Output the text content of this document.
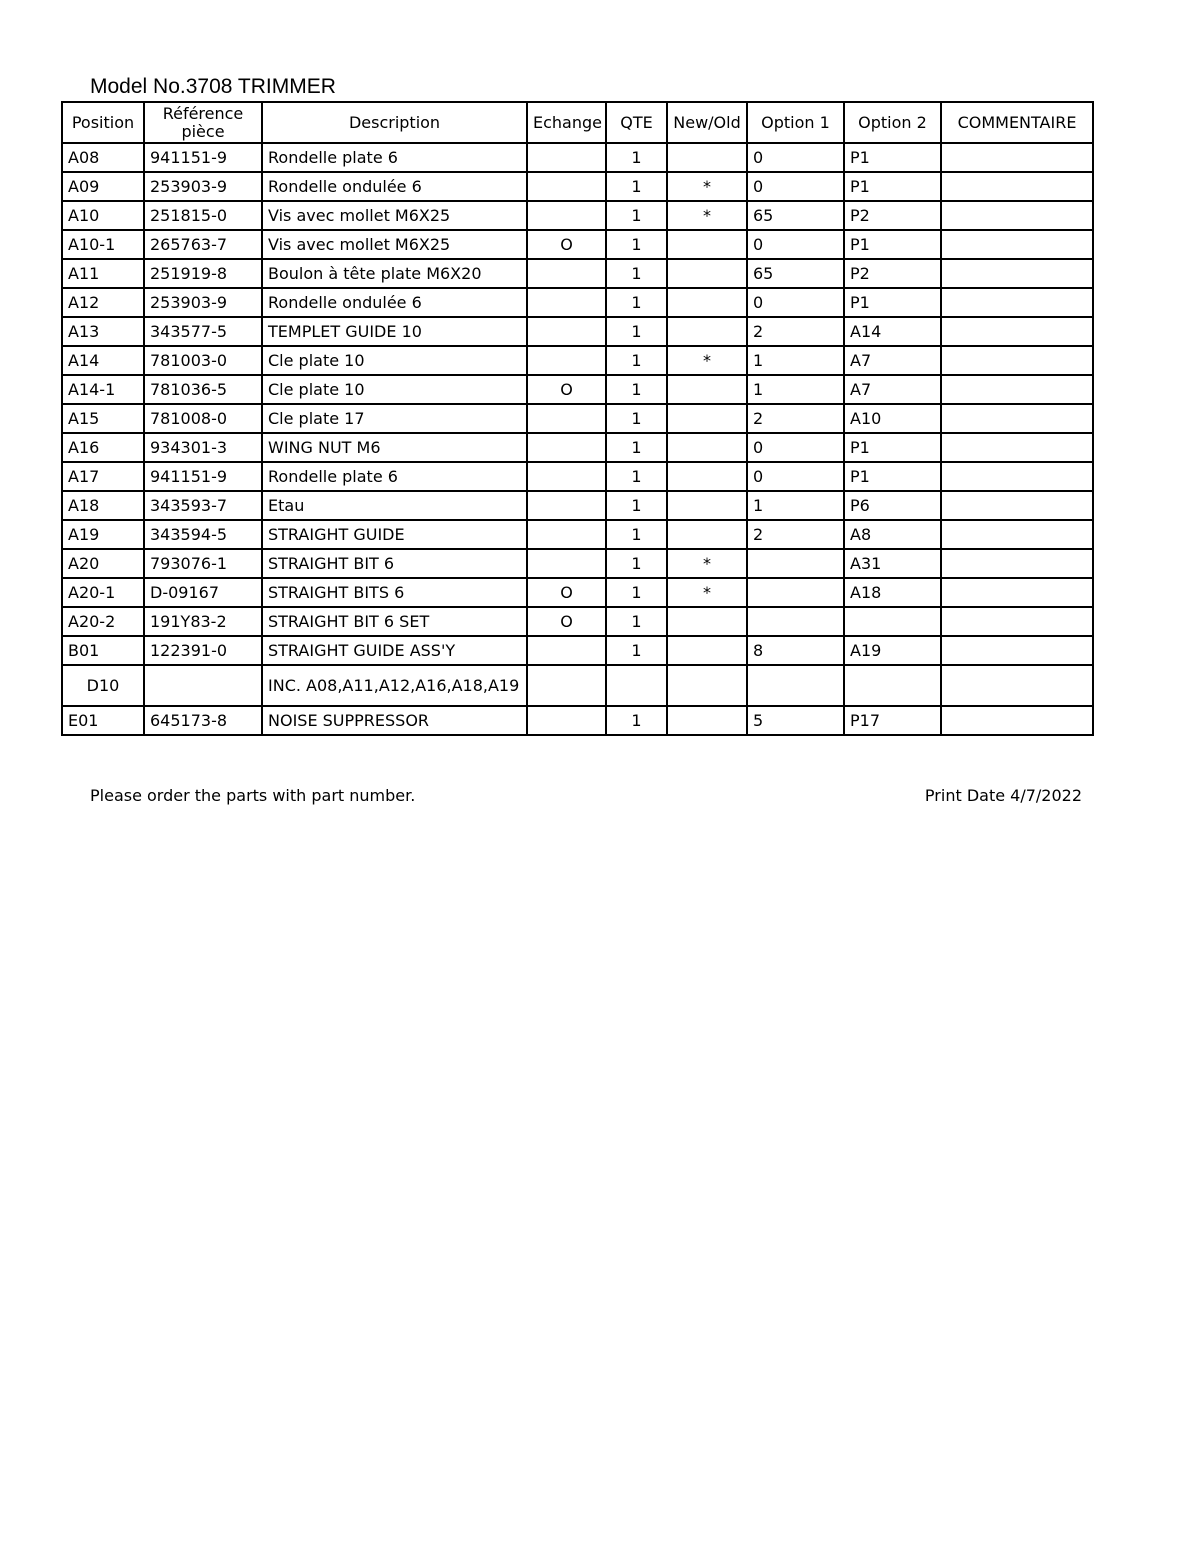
Model No.3708 TRIMMER
Position	Référence pièce	Description	Echange	QTE	New/Old	Option 1	Option 2	COMMENTAIRE
A08	941151-9	Rondelle plate 6		1		0	P1	
A09	253903-9	Rondelle ondulée 6		1	*	0	P1	
A10	251815-0	Vis avec mollet M6X25		1	*	65	P2	
A10-1	265763-7	Vis avec mollet M6X25	O	1		0	P1	
A11	251919-8	Boulon à tête plate M6X20		1		65	P2	
A12	253903-9	Rondelle ondulée 6		1		0	P1	
A13	343577-5	TEMPLET GUIDE 10		1		2	A14	
A14	781003-0	Cle plate 10		1	*	1	A7	
A14-1	781036-5	Cle plate 10	O	1		1	A7	
A15	781008-0	Cle plate 17		1		2	A10	
A16	934301-3	WING NUT M6		1		0	P1	
A17	941151-9	Rondelle plate 6		1		0	P1	
A18	343593-7	Etau		1		1	P6	
A19	343594-5	STRAIGHT GUIDE		1		2	A8	
A20	793076-1	STRAIGHT BIT 6		1	*		A31	
A20-1	D-09167	STRAIGHT BITS 6	O	1	*		A18	
A20-2	191Y83-2	STRAIGHT BIT 6 SET	O	1				
B01	122391-0	STRAIGHT GUIDE ASS'Y		1		8	A19	
D10		INC. A08,A11,A12,A16,A18,A19						
E01	645173-8	NOISE SUPPRESSOR		1		5	P17	
Please order the parts with part number.	Print Date 4/7/2022
